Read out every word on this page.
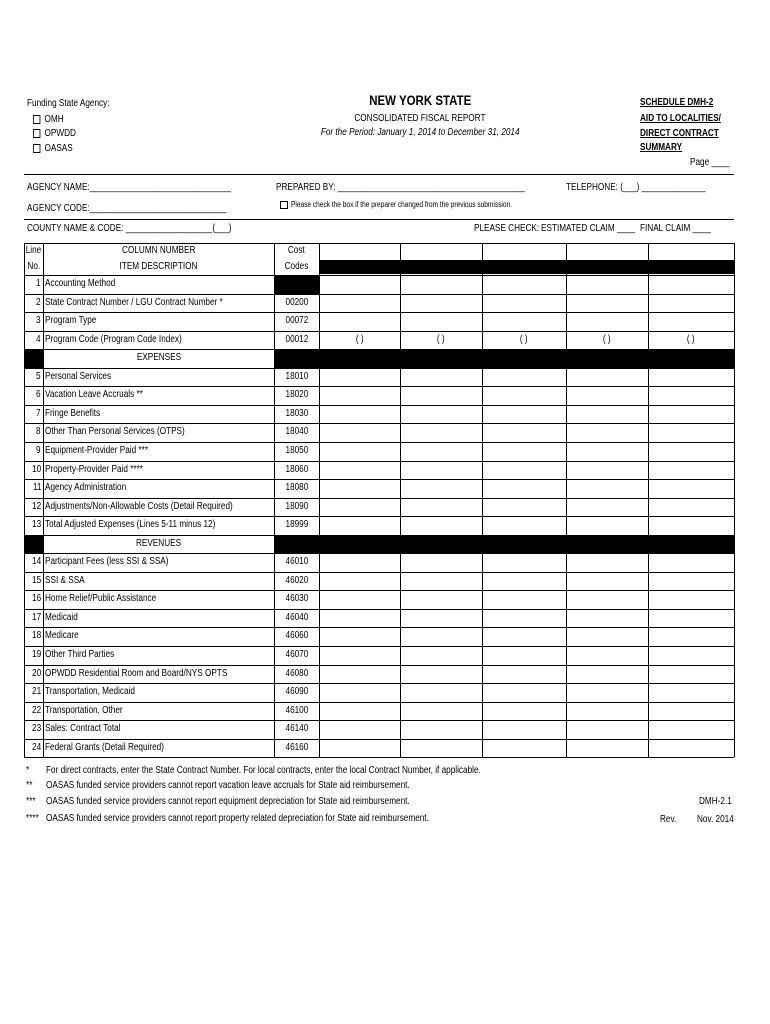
Funding State Agency:
OMH
OPWDD
OASAS
NEW YORK STATE
CONSOLIDATED FISCAL REPORT
For the Period: January 1, 2014 to December 31, 2014
SCHEDULE DMH-2
AID TO LOCALITIES/
DIRECT CONTRACT
SUMMARY
Page ____
AGENCY NAME:_______________________________	PREPARED BY: _________________________________________	TELEPHONE: (___) ______________
AGENCY CODE:______________________________	Please check the box if the preparer changed from the previous submission.
COUNTY NAME & CODE: ___________________(___)	PLEASE CHECK: ESTIMATED CLAIM ____ FINAL CLAIM ____
Line
No.
COLUMN NUMBER
ITEM DESCRIPTION
Cost
Codes
1 Accounting Method
2 State Contract Number / LGU Contract Number *	00200
3 Program Type	00072
4 Program Code (Program Code Index)	00012	( )	( )	( )	( )	( )
EXPENSES
5 Personal Services	18010
6 Vacation Leave Accruals **	18020
7 Fringe Benefits	18030
8 Other Than Personal Services (OTPS)	18040
9 Equipment-Provider Paid ***	18050
10 Property-Provider Paid ****	18060
11 Agency Administration	18080
12 Adjustments/Non-Allowable Costs (Detail Required)	18090
13 Total Adjusted Expenses (Lines 5-11 minus 12)	18999
REVENUES
14 Participant Fees (less SSI & SSA)	46010
15 SSI & SSA	46020
16 Home Relief/Public Assistance	46030
17 Medicaid	46040
18 Medicare	46060
19 Other Third Parties	46070
20 OPWDD Residential Room and Board/NYS OPTS	46080
21 Transportation, Medicaid	46090
22 Transportation, Other	46100
23 Sales: Contract Total	46140
24 Federal Grants (Detail Required)	46160
* For direct contracts, enter the State Contract Number. For local contracts, enter the local Contract Number, if applicable.
** OASAS funded service providers cannot report vacation leave accruals for State aid reimbursement.
*** OASAS funded service providers cannot report equipment depreciation for State aid reimbursement.
**** OASAS funded service providers cannot report property related depreciation for State aid reimbursement.
DMH-2.1
Rev. Nov. 2014
